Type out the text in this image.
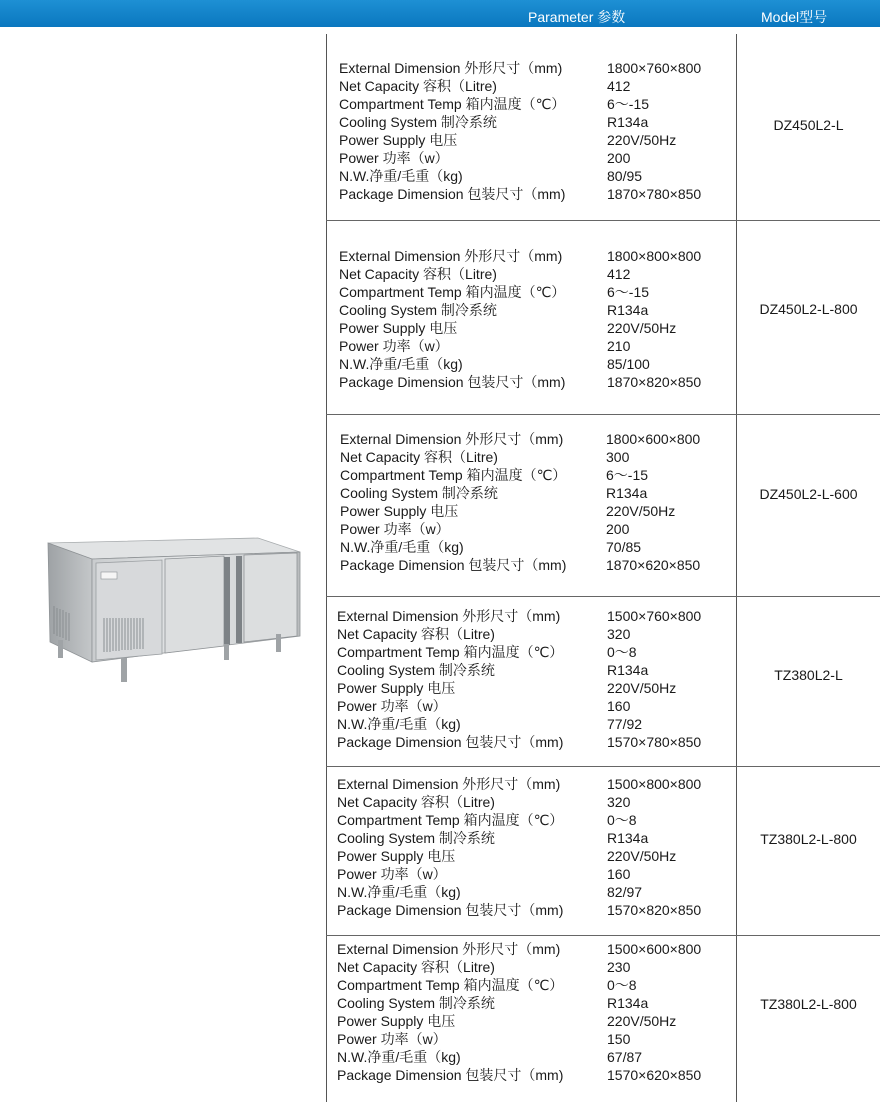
Parameter 参数	Model型号
External Dimension 外形尺寸（mm)	1800×760×800
Net Capacity 容积（Litre)	412
Compartment Temp 箱内温度（℃）	6～-15
Cooling System 制冷系统	R134a
Power Supply 电压	220V/50Hz
Power 功率（w）	200
N.W.净重/毛重（kg)	80/95
Package Dimension 包装尺寸（mm)	1870×780×850
DZ450L2-L
External Dimension 外形尺寸（mm)	1800×800×800
Net Capacity 容积（Litre)	412
Compartment Temp 箱内温度（℃）	6～-15
Cooling System 制冷系统	R134a
Power Supply 电压	220V/50Hz
Power 功率（w）	210
N.W.净重/毛重（kg)	85/100
Package Dimension 包装尺寸（mm)	1870×820×850
DZ450L2-L-800
External Dimension 外形尺寸（mm)	1800×600×800
Net Capacity 容积（Litre)	300
Compartment Temp 箱内温度（℃）	6～-15
Cooling System 制冷系统	R134a
Power Supply 电压	220V/50Hz
Power 功率（w）	200
N.W.净重/毛重（kg)	70/85
Package Dimension 包装尺寸（mm)	1870×620×850
DZ450L2-L-600
External Dimension 外形尺寸（mm)	1500×760×800
Net Capacity 容积（Litre)	320
Compartment Temp 箱内温度（℃）	0～8
Cooling System 制冷系统	R134a
Power Supply 电压	220V/50Hz
Power 功率（w）	160
N.W.净重/毛重（kg)	77/92
Package Dimension 包装尺寸（mm)	1570×780×850
TZ380L2-L
External Dimension 外形尺寸（mm)	1500×800×800
Net Capacity 容积（Litre)	320
Compartment Temp 箱内温度（℃）	0～8
Cooling System 制冷系统	R134a
Power Supply 电压	220V/50Hz
Power 功率（w）	160
N.W.净重/毛重（kg)	82/97
Package Dimension 包装尺寸（mm)	1570×820×850
TZ380L2-L-800
External Dimension 外形尺寸（mm)	1500×600×800
Net Capacity 容积（Litre)	230
Compartment Temp 箱内温度（℃）	0～8
Cooling System 制冷系统	R134a
Power Supply 电压	220V/50Hz
Power 功率（w）	150
N.W.净重/毛重（kg)	67/87
Package Dimension 包装尺寸（mm)	1570×620×850
TZ380L2-L-800
